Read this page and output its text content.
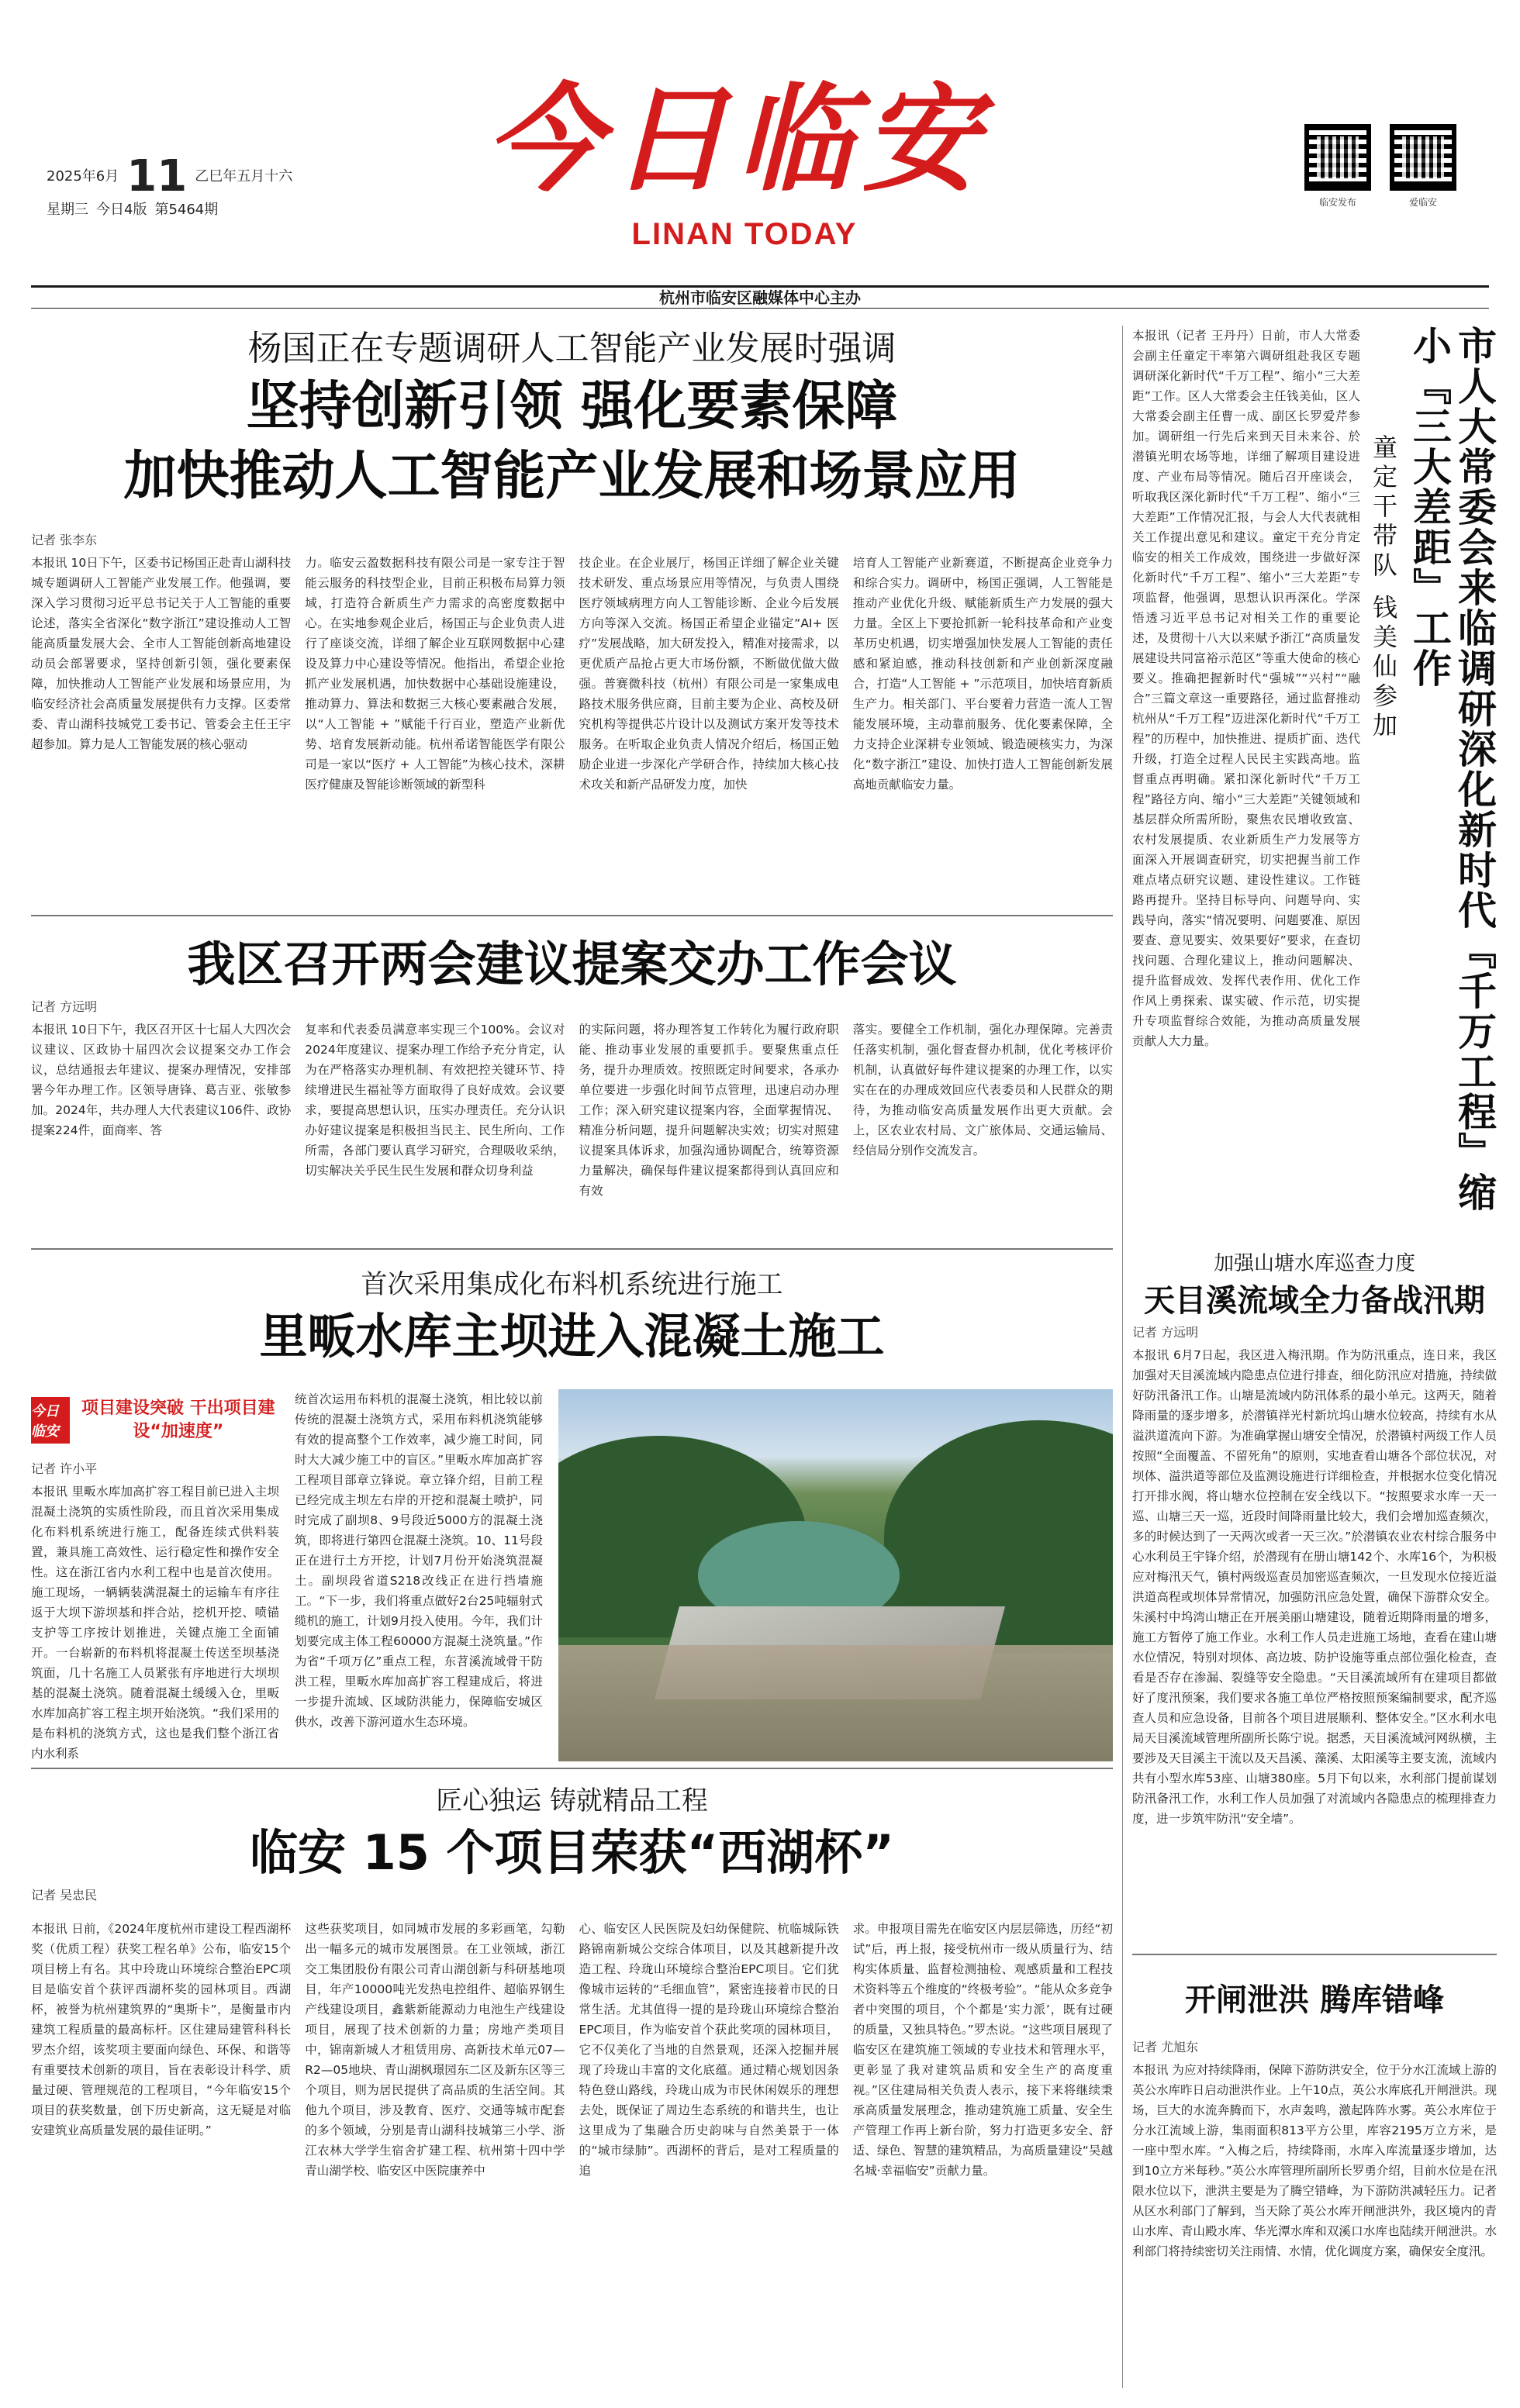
2025年6月 11 乙巳年五月十六
星期三 今日4版 第5464期
今日临安
LINAN TODAY
临安发布	爱临安
杭州市临安区融媒体中心主办
杨国正在专题调研人工智能产业发展时强调
坚持创新引领 强化要素保障
加快推动人工智能产业发展和场景应用
记者 张李东
本报讯 10日下午，区委书记杨国正赴青山湖科技城专题调研人工智能产业发展工作。他强调，要深入学习贯彻习近平总书记关于人工智能的重要论述，落实全省深化“数字浙江”建设推动人工智能高质量发展大会、全市人工智能创新高地建设动员会部署要求，坚持创新引领，强化要素保障，加快推动人工智能产业发展和场景应用，为临安经济社会高质量发展提供有力支撑。区委常委、青山湖科技城党工委书记、管委会主任王宇超参加。算力是人工智能发展的核心驱动
力。临安云盈数据科技有限公司是一家专注于智能云服务的科技型企业，目前正积极布局算力领域，打造符合新质生产力需求的高密度数据中心。在实地参观企业后，杨国正与企业负责人进行了座谈交流，详细了解企业互联网数据中心建设及算力中心建设等情况。他指出，希望企业抢抓产业发展机遇，加快数据中心基础设施建设，推动算力、算法和数据三大核心要素融合发展，以“人工智能 + ”赋能千行百业，塑造产业新优势、培育发展新动能。杭州希诺智能医学有限公司是一家以“医疗 + 人工智能”为核心技术，深耕医疗健康及智能诊断领域的新型科
技企业。在企业展厅，杨国正详细了解企业关键技术研发、重点场景应用等情况，与负责人围绕医疗领域病理方向人工智能诊断、企业今后发展方向等深入交流。杨国正希望企业锚定“AI+ 医疗”发展战略，加大研发投入，精准对接需求，以更优质产品抢占更大市场份额，不断做优做大做强。普赛微科技（杭州）有限公司是一家集成电路技术服务供应商，目前主要为企业、高校及研究机构等提供芯片设计以及测试方案开发等技术服务。在听取企业负责人情况介绍后，杨国正勉励企业进一步深化产学研合作，持续加大核心技术攻关和新产品研发力度，加快
培育人工智能产业新赛道，不断提高企业竞争力和综合实力。调研中，杨国正强调，人工智能是推动产业优化升级、赋能新质生产力发展的强大力量。全区上下要抢抓新一轮科技革命和产业变革历史机遇，切实增强加快发展人工智能的责任感和紧迫感，推动科技创新和产业创新深度融合，打造“人工智能 + ”示范项目，加快培育新质生产力。相关部门、平台要着力营造一流人工智能发展环境，主动靠前服务、优化要素保障，全力支持企业深耕专业领域、锻造硬核实力，为深化“数字浙江”建设、加快打造人工智能创新发展高地贡献临安力量。
本报讯（记者 王丹丹）日前，市人大常委会副主任童定干率第六调研组赴我区专题调研深化新时代“千万工程”、缩小“三大差距”工作。区人大常委会主任钱美仙，区人大常委会副主任曹一成、副区长罗爱芹参加。调研组一行先后来到天目未来谷、於潜镇光明农场等地，详细了解项目建设进度、产业布局等情况。随后召开座谈会，听取我区深化新时代“千万工程”、缩小“三大差距”工作情况汇报，与会人大代表就相关工作提出意见和建议。童定干充分肯定临安的相关工作成效，围绕进一步做好深化新时代“千万工程”、缩小“三大差距”专项监督，他强调，思想认识再深化。学深悟透习近平总书记对相关工作的重要论述，及贯彻十八大以来赋予浙江“高质量发展建设共同富裕示范区”等重大使命的核心要义。推确把握新时代“强城”“兴村”“融合”三篇文章这一重要路径，通过监督推动杭州从“千万工程”迈进深化新时代“千万工程”的历程中，加快推进、提质扩面、迭代升级，打造全过程人民民主实践高地。监督重点再明确。紧扣深化新时代“千万工程”路径方向、缩小“三大差距”关键领域和基层群众所需所盼，聚焦农民增收致富、农村发展提质、农业新质生产力发展等方面深入开展调查研究，切实把握当前工作难点堵点研究议题、建设性建议。工作链路再提升。坚持目标导向、问题导向、实践导向，落实“情况要明、问题要准、原因要查、意见要实、效果要好”要求，在查切找问题、合理化建议上，推动问题解决、提升监督成效、发挥代表作用、优化工作作风上勇探索、谋实破、作示范，切实提升专项监督综合效能，为推动高质量发展贡献人大力量。
童定干带队 钱美仙参加	市人大常委会来临调研深化新时代『千万工程』缩小『三大差距』工作
我区召开两会建议提案交办工作会议
记者 方远明
本报讯 10日下午，我区召开区十七届人大四次会议建议、区政协十届四次会议提案交办工作会议，总结通报去年建议、提案办理情况，安排部署今年办理工作。区领导唐锋、葛吉亚、张敏参加。2024年，共办理人大代表建议106件、政协提案224件，面商率、答
复率和代表委员满意率实现三个100%。会议对2024年度建议、提案办理工作给予充分肯定，认为在严格落实办理机制、有效把控关键环节、持续增进民生福祉等方面取得了良好成效。会议要求，要提高思想认识，压实办理责任。充分认识办好建议提案是积极担当民主、民生所向、工作所需，各部门要认真学习研究，合理吸收采纳，切实解决关乎民生民生发展和群众切身利益
的实际问题，将办理答复工作转化为履行政府职能、推动事业发展的重要抓手。要聚焦重点任务，提升办理质效。按照既定时间要求，各承办单位要进一步强化时间节点管理，迅速启动办理工作；深入研究建议提案内容，全面掌握情况、精准分析问题，提升问题解决实效；切实对照建议提案具体诉求，加强沟通协调配合，统筹资源力量解决，确保每件建议提案都得到认真回应和有效
落实。要健全工作机制，强化办理保障。完善责任落实机制，强化督查督办机制，优化考核评价机制，认真做好每件建议提案的办理工作，以实实在在的办理成效回应代表委员和人民群众的期待，为推动临安高质量发展作出更大贡献。会上，区农业农村局、文广旅体局、交通运输局、经信局分别作交流发言。
首次采用集成化布料机系统进行施工
里畈水库主坝进入混凝土施工
今日临安
项目建设突破 干出项目建设“加速度”
记者 许小平
本报讯 里畈水库加高扩容工程目前已进入主坝混凝土浇筑的实质性阶段，而且首次采用集成化布料机系统进行施工，配备连续式供料装置，兼具施工高效性、运行稳定性和操作安全性。这在浙江省内水利工程中也是首次使用。施工现场，一辆辆装满混凝土的运输车有序往返于大坝下游坝基和拌合站，挖机开挖、喷锚支护等工序按计划推进，关键点施工全面铺开。一台崭新的布料机将混凝土传送至坝基浇筑面，几十名施工人员紧张有序地进行大坝坝基的混凝土浇筑。随着混凝土缓缓入仓，里畈水库加高扩容工程主坝开始浇筑。“我们采用的是布料机的浇筑方式，这也是我们整个浙江省内水利系
统首次运用布料机的混凝土浇筑，相比较以前传统的混凝土浇筑方式，采用布料机浇筑能够有效的提高整个工作效率，减少施工时间，同时大大减少施工中的盲区。”里畈水库加高扩容工程项目部章立锋说。章立锋介绍，目前工程已经完成主坝左右岸的开挖和混凝土喷护，同时完成了副坝8、9号段近5000方的混凝土浇筑，即将进行第四仓混凝土浇筑。10、11号段正在进行土方开挖，计划7月份开始浇筑混凝土。副坝段省道S218改线正在进行挡墙施工。“下一步，我们将重点做好2台25吨辐射式缆机的施工，计划9月投入使用。今年，我们计划要完成主体工程60000方混凝土浇筑量。”作为省“千项万亿”重点工程，东苕溪流域骨干防洪工程，里畈水库加高扩容工程建成后，将进一步提升流域、区域防洪能力，保障临安城区供水，改善下游河道水生态环境。
加强山塘水库巡查力度
天目溪流域全力备战汛期
记者 方远明
本报讯 6月7日起，我区进入梅汛期。作为防汛重点，连日来，我区加强对天目溪流域内隐患点位进行排查，细化防汛应对措施，持续做好防汛备汛工作。山塘是流域内防汛体系的最小单元。这两天，随着降雨量的逐步增多，於潜镇祥光村新坑坞山塘水位较高，持续有水从溢洪道流向下游。为准确掌握山塘安全情况，於潜镇村两级工作人员按照“全面覆盖、不留死角”的原则，实地查看山塘各个部位状况，对坝体、溢洪道等部位及监测设施进行详细检查，并根据水位变化情况打开排水阀，将山塘水位控制在安全线以下。“按照要求水库一天一巡、山塘三天一巡，近段时间降雨量比较大，我们会增加巡查频次，多的时候达到了一天两次或者一天三次。”於潜镇农业农村综合服务中心水利员王宇锋介绍，於潜现有在册山塘142个、水库16个，为积极应对梅汛天气，镇村两级巡查员加密巡查频次，一旦发现水位接近溢洪道高程或坝体异常情况，加强防汛应急处置，确保下游群众安全。朱溪村中坞湾山塘正在开展美丽山塘建设，随着近期降雨量的增多，施工方暂停了施工作业。水利工作人员走进施工场地，查看在建山塘水位情况，特别对坝体、高边坡、防护设施等重点部位强化检查，查看是否存在渗漏、裂缝等安全隐患。“天目溪流域所有在建项目都做好了度汛预案，我们要求各施工单位严格按照预案编制要求，配齐巡查人员和应急设备，目前各个项目进展顺利、整体安全。”区水利水电局天目溪流域管理所副所长陈宁说。据悉，天目溪流域河网纵横，主要涉及天目溪主干流以及天昌溪、藻溪、太阳溪等主要支流，流域内共有小型水库53座、山塘380座。5月下旬以来，水利部门提前谋划防汛备汛工作，水利工作人员加强了对流域内各隐患点的梳理排查力度，进一步筑牢防汛“安全墙”。
匠心独运 铸就精品工程
临安 15 个项目荣获“西湖杯”
记者 吴忠民
本报讯 日前，《2024年度杭州市建设工程西湖杯奖（优质工程）获奖工程名单》公布，临安15个项目榜上有名。其中玲珑山环境综合整治EPC项目是临安首个获评西湖杯奖的园林项目。西湖杯，被誉为杭州建筑界的“奥斯卡”，是衡量市内建筑工程质量的最高标杆。区住建局建管科科长罗杰介绍，该奖项主要面向绿色、环保、和谐等有重要技术创新的项目，旨在表彰设计科学、质量过硬、管理规范的工程项目，“今年临安15个项目的获奖数量，创下历史新高，这无疑是对临安建筑业高质量发展的最佳证明。”
这些获奖项目，如同城市发展的多彩画笔，勾勒出一幅多元的城市发展图景。在工业领域，浙江交工集团股份有限公司青山湖创新与科研基地项目，年产10000吨光发热电控组件、超临界钢生产线建设项目，鑫紫新能源动力电池生产线建设项目，展现了技术创新的力量；房地产类项目中，锦南新城人才租赁用房、高新技术单元07—R2—05地块、青山湖枫璟园东二区及新东区等三个项目，则为居民提供了高品质的生活空间。其他九个项目，涉及教育、医疗、交通等城市配套的多个领域，分别是青山湖科技城第三小学、浙江农林大学学生宿舍扩建工程、杭州第十四中学青山湖学校、临安区中医院康养中
心、临安区人民医院及妇幼保健院、杭临城际铁路锦南新城公交综合体项目，以及其越新提升改造工程、玲珑山环境综合整治EPC项目。它们犹像城市运转的“毛细血管”，紧密连接着市民的日常生活。尤其值得一提的是玲珑山环境综合整治EPC项目，作为临安首个获此奖项的园林项目，它不仅美化了当地的自然景观，还深入挖掘并展现了玲珑山丰富的文化底蕴。通过精心规划因条特色登山路线，玲珑山成为市民休闲娱乐的理想去处，既保证了周边生态系统的和谐共生，也让这里成为了集融合历史韵味与自然美景于一体的“城市绿肺”。西湖杯的背后，是对工程质量的追
求。申报项目需先在临安区内层层筛选，历经“初试”后，再上报，接受杭州市一级从质量行为、结构实体质量、监督检测抽检、观感质量和工程技术资料等五个维度的“终极考验”。“能从众多竞争者中突围的项目，个个都是‘实力派’，既有过硬的质量，又独具特色。”罗杰说。“这些项目展现了临安区在建筑施工领域的专业技术和管理水平，更彰显了我对建筑品质和安全生产的高度重视。”区住建局相关负责人表示，接下来将继续秉承高质量发展理念，推动建筑施工质量、安全生产管理工作再上新台阶，努力打造更多安全、舒适、绿色、智慧的建筑精品，为高质量建设“吴越名城·幸福临安”贡献力量。
开闸泄洪 腾库错峰
记者 尤旭东
本报讯 为应对持续降雨，保障下游防洪安全，位于分水江流域上游的英公水库昨日启动泄洪作业。上午10点，英公水库底孔开闸泄洪。现场，巨大的水流奔腾而下，水声轰鸣，激起阵阵水雾。英公水库位于分水江流域上游，集雨面积813平方公里，库容2195万立方米，是一座中型水库。“入梅之后，持续降雨，水库入库流量逐步增加，达到10立方米每秒。”英公水库管理所副所长罗勇介绍，目前水位是在汛限水位以下，泄洪主要是为了腾空错峰，为下游防洪减轻压力。记者从区水利部门了解到，当天除了英公水库开闸泄洪外，我区境内的青山水库、青山殿水库、华光潭水库和双溪口水库也陆续开闸泄洪。水利部门将持续密切关注雨情、水情，优化调度方案，确保安全度汛。
